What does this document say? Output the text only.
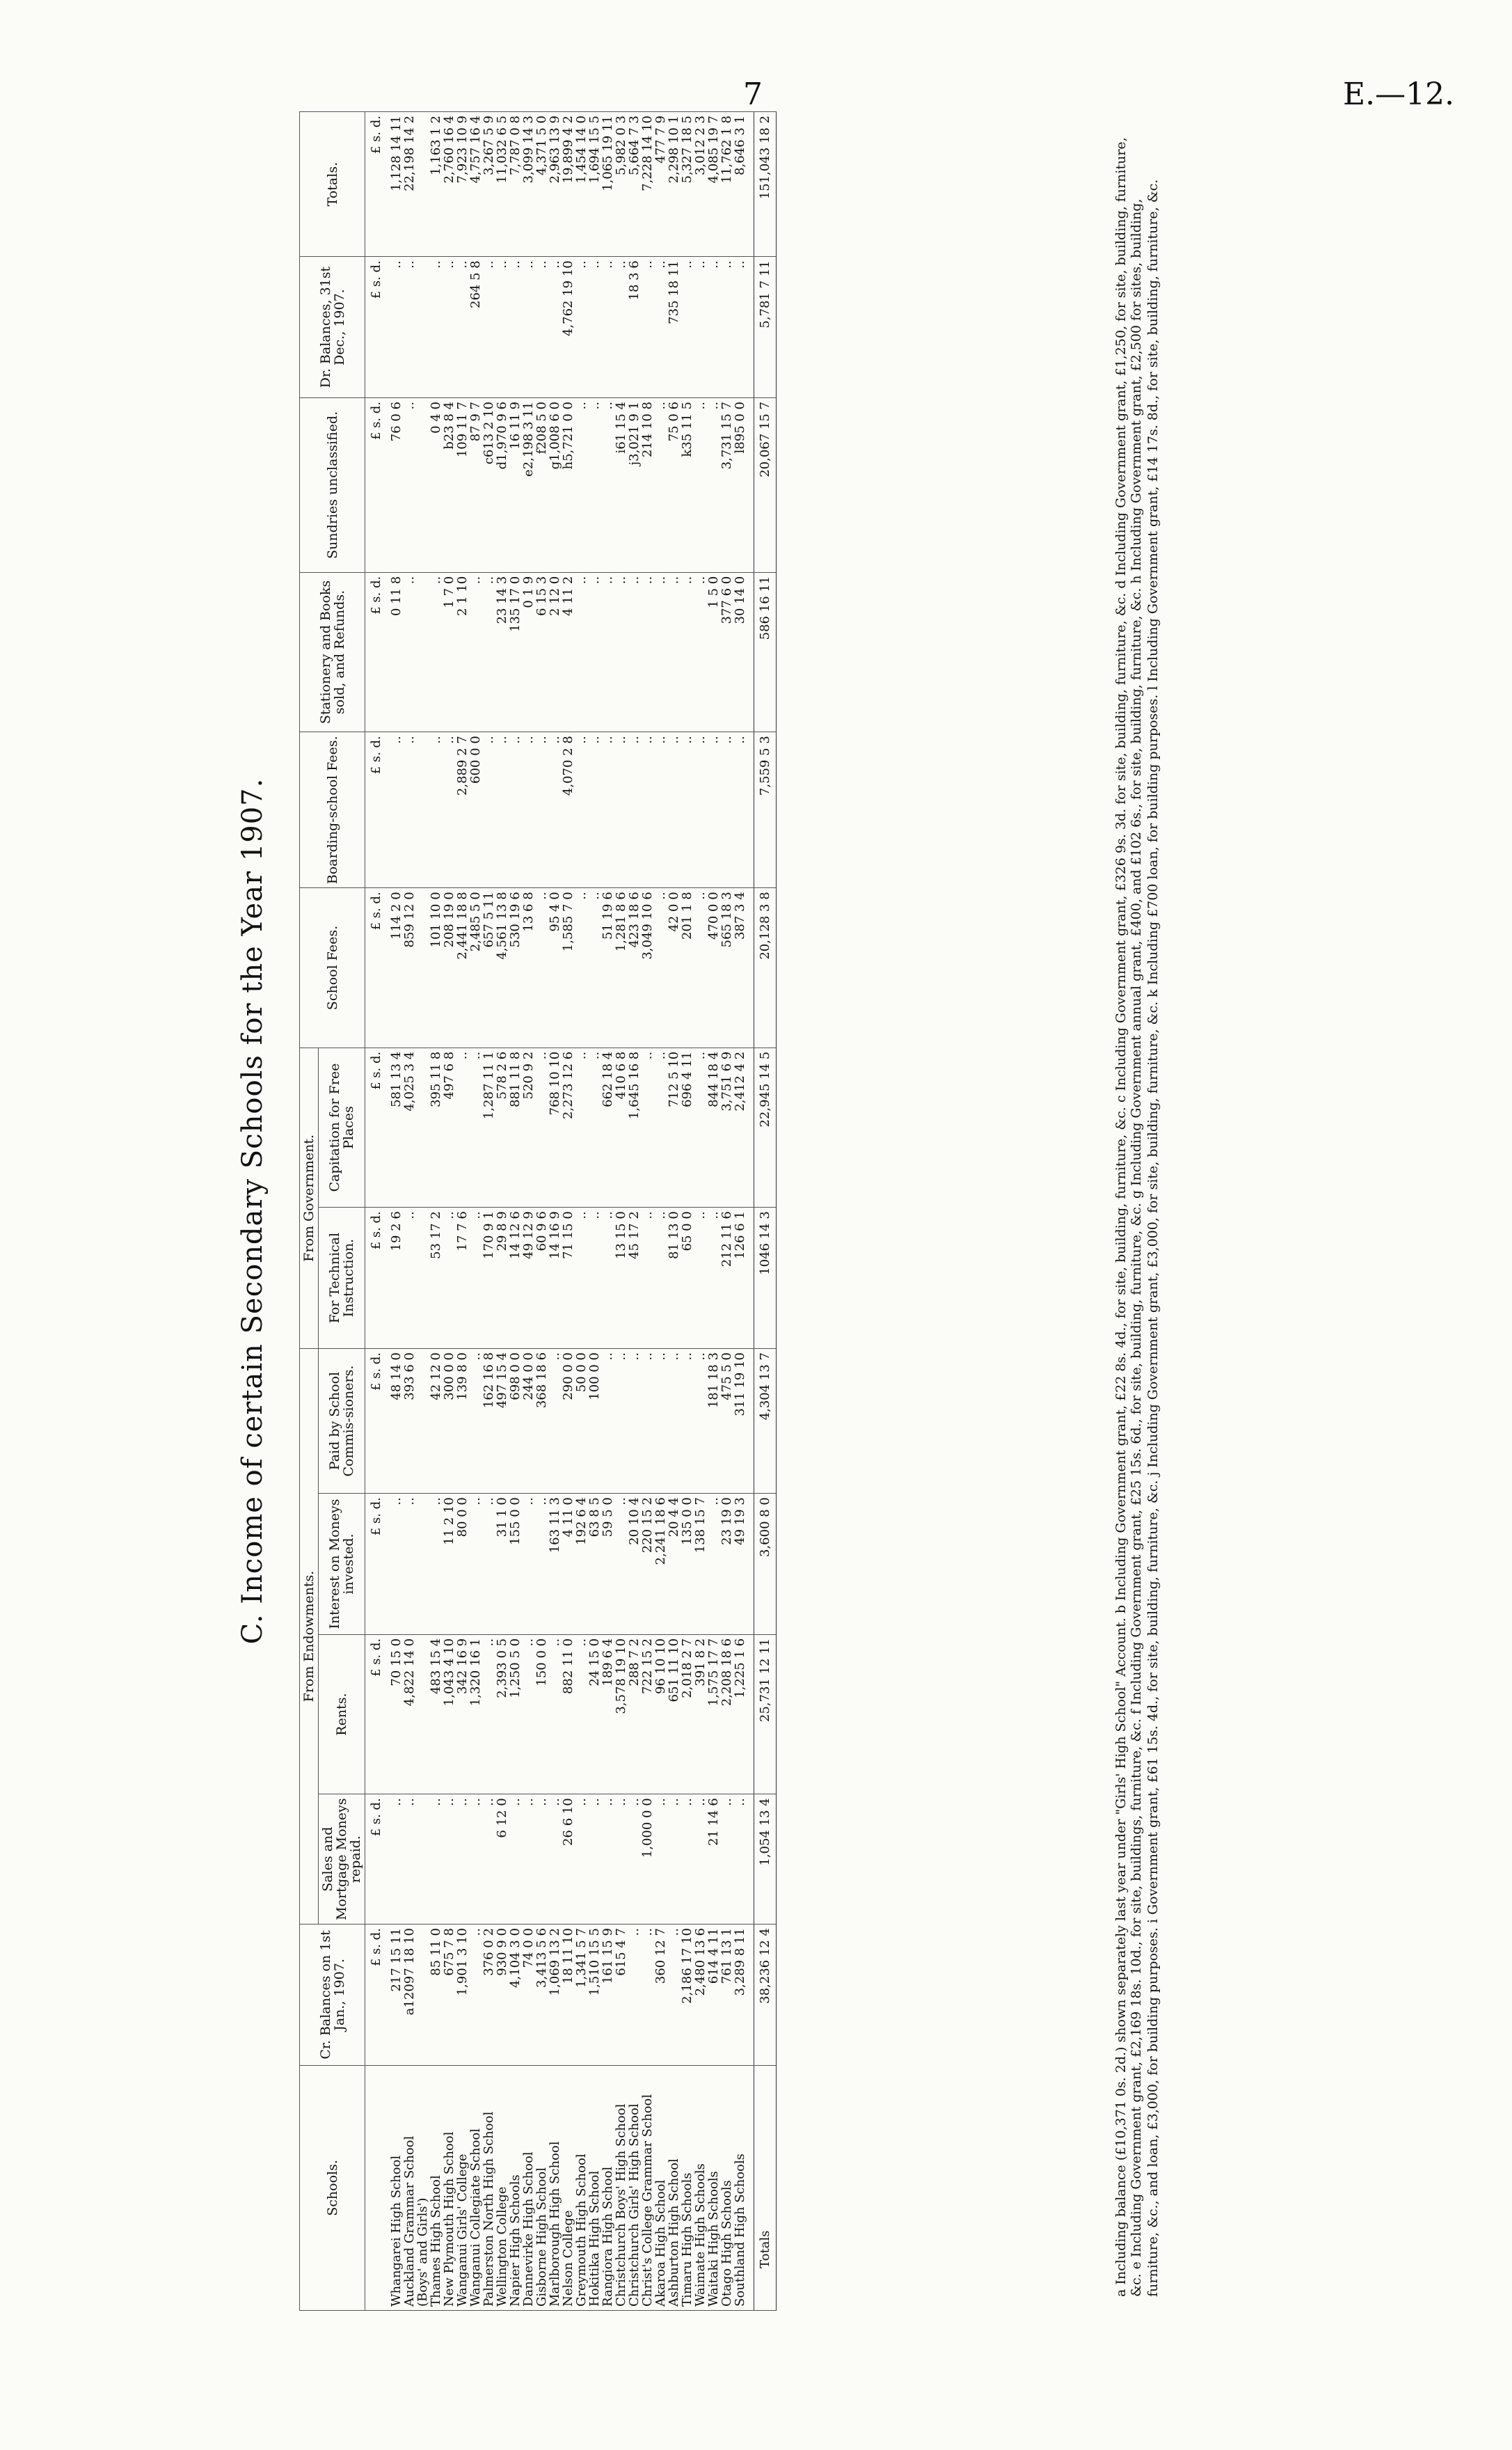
7	E.—12.
C. Income of certain Secondary Schools for the Year 1907.
Schools.	Cr. Balances on 1st Jan., 1907.	From Endowments.				From Government.		School Fees.	Boarding-school Fees.	Stationery and Books sold, and Refunds.	Sundries unclassified.	Dr. Balances, 31st Dec., 1907.	Totals.
		Sales and Mortgage Moneys repaid.	Rents.	Interest on Moneys invested.	Paid by School Commis-sioners.	For Technical Instruction.	Capitation for Free Places						
	£ s. d.	£ s. d.	£ s. d.	£ s. d.	£ s. d.	£ s. d.	£ s. d.	£ s. d.	£ s. d.	£ s. d.	£ s. d.	£ s. d.	£ s. d.
Whangarei High School	217 15 11	..	70 15 0	..	48 14 0	19 2 6	581 13 4	114 2 0	..	0 11 8	76 0 6	..	1,128 14 11
Auckland Grammar School	a12097 18 10	..	4,822 14 0	..	393 6 0	..	4,025 3 4	859 12 0	..	..	..	..	22,198 14 2
(Boys' and Girls')													
Thames High School	85 11 0	..	483 15 4	..	42 12 0	53 17 2	395 11 8	101 10 0	..	..	0 4 0	..	1,163 1 2
New Plymouth High School	675 7 8	..	1,043 4 10	11 2 10	300 0 0	..	497 6 8	208 19 0	..	1 7 0	b23 8 4	..	2,760 16 4
Wanganui Girls' College	1,901 3 10	..	342 16 9	80 0 0	139 8 0	17 7 6	..	2,441 18 8	2,889 2 7	2 1 10	109 11 7	..	7,923 10 9
Wanganui Collegiate School	..	..	1,320 16 1	..	..	..	..	2,485 5 0	600 0 0	..	87 9 7	264 5 8	4,757 16 4
Palmerston North High School	376 0 2	..	..	..	162 16 8	170 9 1	1,287 11 1	657 5 11	..	..	c613 2 10	..	3,267 5 9
Wellington College	930 9 0	6 12 0	2,393 0 5	31 1 0	497 15 4	29 8 9	578 2 6	4,561 13 8	..	23 14 3	d1,970 9 6	..	11,032 6 5
Napier High Schools	4,104 3 0	..	1,250 5 0	155 0 0	698 0 0	14 12 6	881 11 8	530 19 6	..	135 17 0	16 11 9	..	7,787 0 8
Dannevirke High School	74 0 0	..	..	..	244 0 0	49 12 9	520 9 2	13 6 8	..	0 1 9	e2,198 3 11	..	3,099 14 3
Gisborne High School	3,413 5 6	..	150 0 0	..	368 18 6	60 9 6	..	..	..	6 15 3	f208 5 0	..	4,371 5 0
Marlborough High School	1,069 13 2	..	..	163 11 3	..	14 16 9	768 10 10	95 4 0	..	2 12 0	g1,008 6 0	..	2,963 13 9
Nelson College	18 11 10	26 6 10	882 11 0	4 11 0	290 0 0	71 15 0	2,273 12 6	1,585 7 0	4,070 2 8	4 11 2	h5,721 0 0	4,762 19 10	19,899 4 2
Greymouth High School	1,341 5 7	..	..	192 6 4	50 0 0	..	..	..	..	..	..	..	1,454 14 0
Hokitika High School	1,510 15 5	..	24 15 0	63 8 5	100 0 0	..	..	..	..	..	..	..	1,694 15 5
Rangiora High School	161 15 9	..	189 6 4	59 5 0	..	..	662 18 4	51 19 6	..	..	..	..	1,065 19 11
Christchurch Boys' High School	615 4 7	..	3,578 19 10	..	..	13 15 0	410 6 8	1,281 8 6	..	..	i61 15 4	..	5,982 0 3
Christchurch Girls' High School	..	..	288 7 2	20 10 4	..	45 17 2	1,645 16 8	423 18 6	..	..	j3,021 9 1	18 3 6	5,664 7 3
Christ's College Grammar School	..	1,000 0 0	722 15 2	220 15 2	..	..	..	3,049 10 6	..	..	214 10 8	..	7,228 14 10
Akaroa High School	360 12 7	..	96 10 10	2,241 18 6	..	..	..	..	..	..	..	..	477 7 9
Ashburton High School	..	..	651 11 10	20 4 4	..	81 13 0	712 5 10	42 0 0	..	..	75 0 6	735 18 11	2,298 10 1
Timaru High Schools	2,186 17 10	..	2,018 2 7	135 0 0	..	65 0 0	696 4 11	201 1 8	..	..	k35 11 5	..	5,327 18 5
Waimate High Schools	2,480 13 6	..	391 8 2	138 15 7	..	..	..	..	..	..	..	..	3,012 2 3
Waitaki High Schools	614 4 11	21 14 6	1,575 17 7	..	181 18 3	..	844 18 4	470 0 0	..	1 5 0	..	..	4,085 19 7
Otago High Schools	761 13 1	..	2,208 18 6	23 19 0	475 5 0	212 11 6	3,751 6 9	565 18 3	..	377 6 0	3,731 15 7	..	11,762 1 8
Southland High Schools	3,289 8 11	..	1,225 1 6	49 19 3	311 19 10	126 6 1	2,412 4 2	387 3 4	..	30 14 0	l895 0 0	..	8,646 3 1
Totals	38,236 12 4	1,054 13 4	25,731 12 11	3,600 8 0	4,304 13 7	1046 14 3	22,945 14 5	20,128 3 8	7,559 5 3	586 16 11	20,067 15 7	5,781 7 11	151,043 18 2	a Including balance (£10,371 0s. 2d.) shown separately last year under "Girls' High School" Account. b Including Government grant, £22 8s. 4d., for site, building, furniture, &c. c Including Government grant, £326 9s. 3d. for site, building, furniture, &c. d Including Government grant, £1,250, for site, building, furniture, &c. e Including Government grant, £2,169 18s. 10d., for site, buildings, furniture, &c. f Including Government grant, £25 15s. 6d., for site, building, furniture, &c. g Including Government annual grant, £400, and £102 6s., for site, building, furniture, &c. h Including Government grant, £2,500 for sites, building, furniture, &c., and loan, £3,000, for building purposes. i Government grant, £61 15s. 4d., for site, building, furniture, &c. j Including Government grant, £3,000, for site, building, furniture, &c. k Including £700 loan, for building purposes. l Including Government grant, £14 17s. 8d., for site, building, furniture, &c.
